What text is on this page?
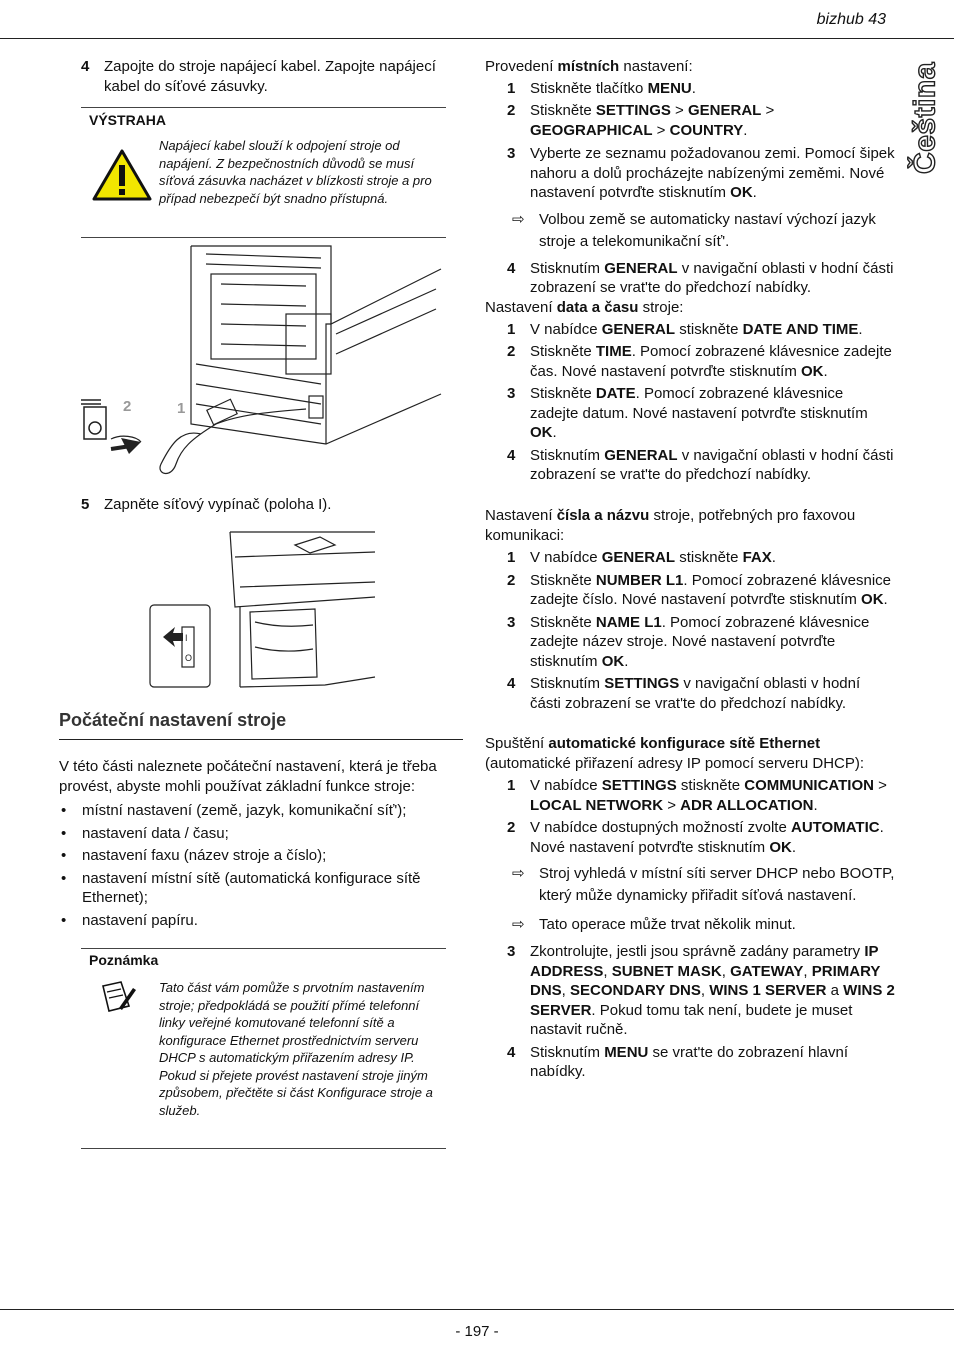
bizhub 43
Čeština
- 197 -
4 Zapojte do stroje napájecí kabel. Zapojte napájecí kabel do síťové zásuvky.
VÝSTRAHA
Napájecí kabel slouží k odpojení stroje od napájení. Z bezpečnostních důvodů se musí síťová zásuvka nacházet v blízkosti stroje a pro případ nebezpečí být snadno přístupná.
2	1
5 Zapněte síťový vypínač (poloha I).
I
O
Počáteční nastavení stroje

V této části naleznete počáteční nastavení, která je třeba provést, abyste mohli používat základní funkce stroje:

•	místní nastavení (země, jazyk, komunikační síť');
•	nastavení data / času;
•	nastavení faxu (název stroje a číslo);
•	nastavení místní sítě (automatická konfigurace sítě Ethernet);
•	nastavení papíru.
Poznámka
Tato část vám pomůže s prvotním nastavením stroje; předpokládá se použití přímé telefonní linky veřejné komutované telefonní sítě a konfigurace Ethernet prostřednictvím serveru DHCP s automatickým přiřazením adresy IP. Pokud si přejete provést nastavení stroje jiným způsobem, přečtěte si část Konfigurace stroje a služeb.

Provedení místních nastavení:

1 Stiskněte tlačítko MENU.
2 Stiskněte SETTINGS > GENERAL > GEOGRAPHICAL > COUNTRY.
3 Vyberte ze seznamu požadovanou zemi. Pomocí šipek nahoru a dolů procházejte nabízenými zeměmi. Nové nastavení potvrďte stisknutím OK.
⇨ Volbou země se automaticky nastaví výchozí jazyk stroje a telekomunikační síť'.
4 Stisknutím GENERAL v navigační oblasti v hodní části zobrazení se vrat'te do předchozí nabídky.

Nastavení data a času stroje:

1 V nabídce GENERAL stiskněte DATE AND TIME.
2 Stiskněte TIME. Pomocí zobrazené klávesnice zadejte čas. Nové nastavení potvrďte stisknutím OK.
3 Stiskněte DATE. Pomocí zobrazené klávesnice zadejte datum. Nové nastavení potvrďte stisknutím OK.
4 Stisknutím GENERAL v navigační oblasti v hodní části zobrazení se vrat'te do předchozí nabídky.

Nastavení čísla a názvu stroje, potřebných pro faxovou komunikaci:

1 V nabídce GENERAL stiskněte FAX.
2 Stiskněte NUMBER L1. Pomocí zobrazené klávesnice zadejte číslo. Nové nastavení potvrďte stisknutím OK.
3 Stiskněte NAME L1. Pomocí zobrazené klávesnice zadejte název stroje. Nové nastavení potvrďte stisknutím OK.
4 Stisknutím SETTINGS v navigační oblasti v hodní části zobrazení se vrat'te do předchozí nabídky.

Spuštění automatické konfigurace sítě Ethernet (automatické přiřazení adresy IP pomocí serveru DHCP):

1 V nabídce SETTINGS stiskněte COMMUNICATION > LOCAL NETWORK > ADR ALLOCATION.
2 V nabídce dostupných možností zvolte AUTOMATIC. Nové nastavení potvrďte stisknutím OK.
⇨ Stroj vyhledá v místní síti server DHCP nebo BOOTP, který může dynamicky přiřadit síťová nastavení.
⇨ Tato operace může trvat několik minut.
3 Zkontrolujte, jestli jsou správně zadány parametry IP ADDRESS, SUBNET MASK, GATEWAY, PRIMARY DNS, SECONDARY DNS, WINS 1 SERVER a WINS 2 SERVER. Pokud tomu tak není, budete je muset nastavit ručně.
4 Stisknutím MENU se vrat'te do zobrazení hlavní nabídky.
